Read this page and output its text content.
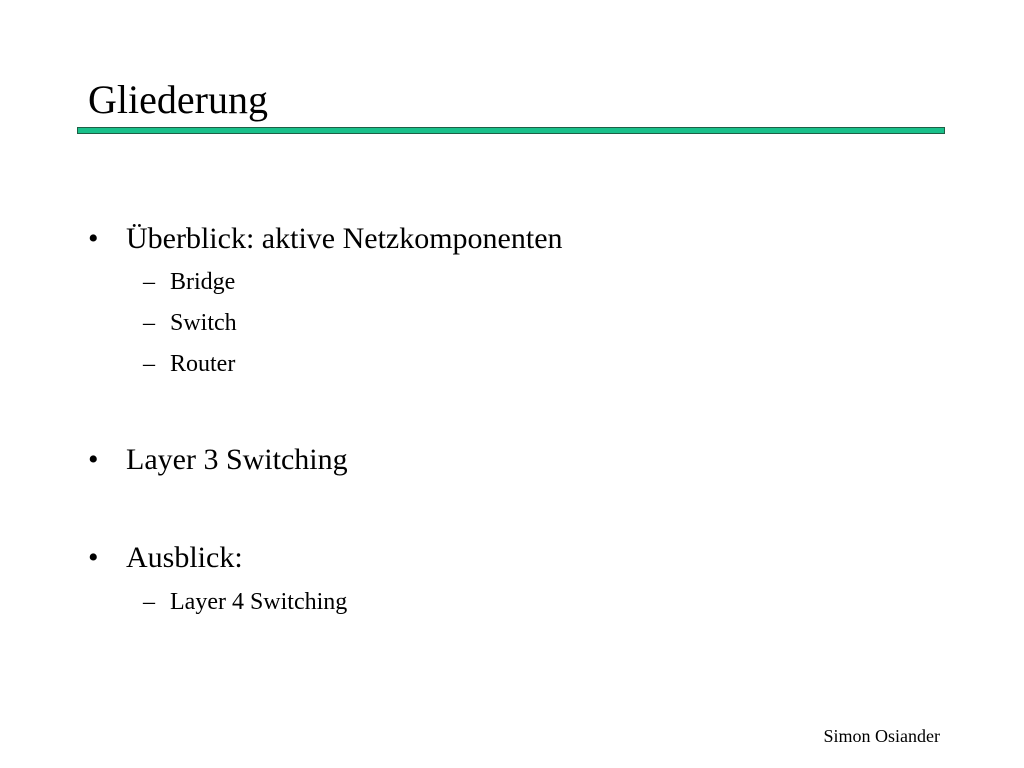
Gliederung
• Überblick: aktive Netzkomponenten
– Bridge
– Switch
– Router
• Layer 3 Switching
• Ausblick:
– Layer 4 Switching
Simon Osiander
